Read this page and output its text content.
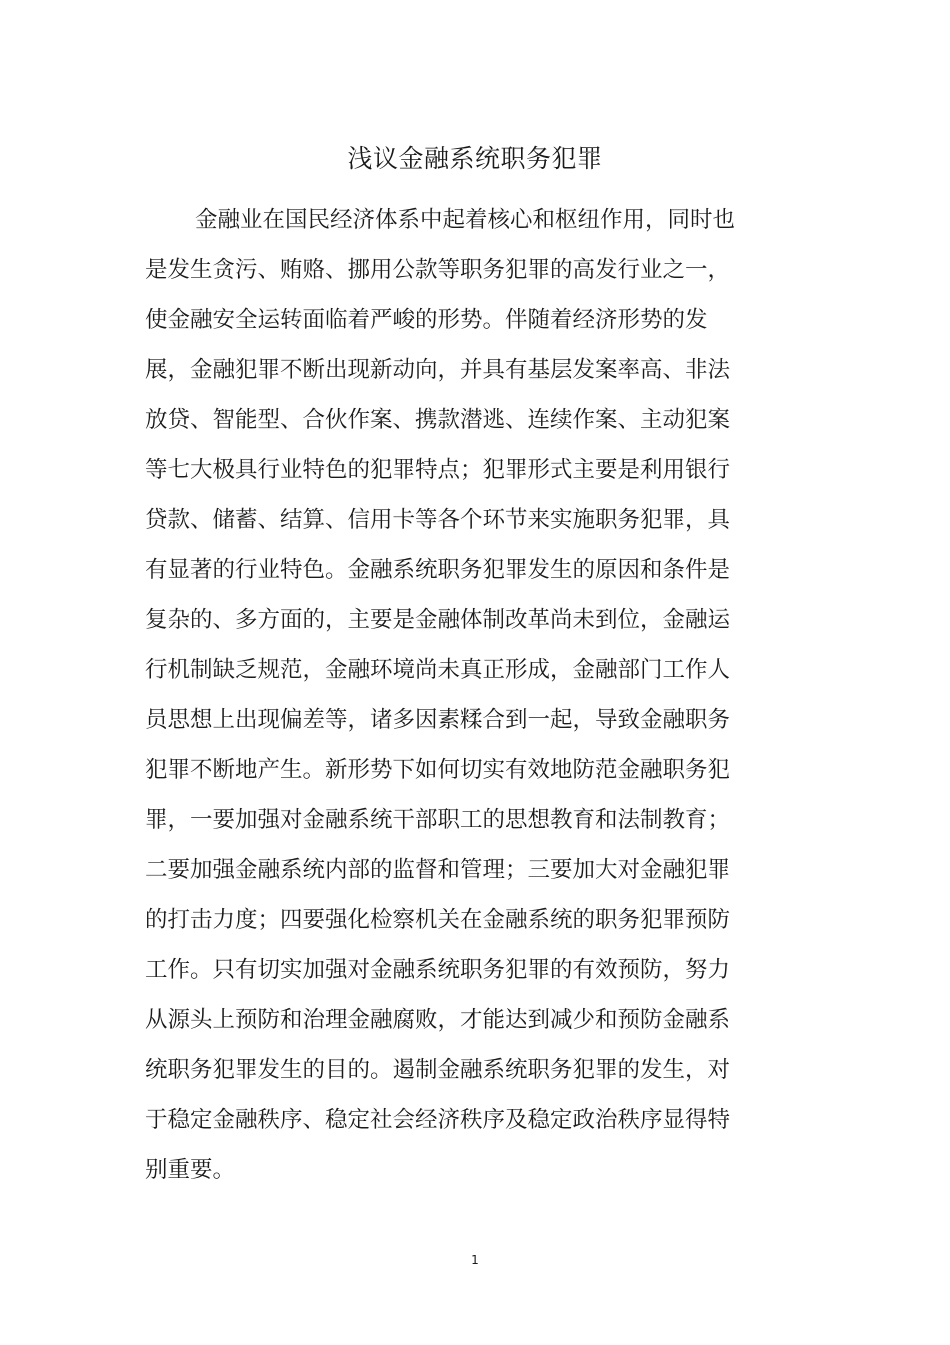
浅议金融系统职务犯罪
金融业在国民经济体系中起着核心和枢纽作用，同时也
是发生贪污、贿赂、挪用公款等职务犯罪的高发行业之一，
使金融安全运转面临着严峻的形势。伴随着经济形势的发
展，金融犯罪不断出现新动向，并具有基层发案率高、非法
放贷、智能型、合伙作案、携款潜逃、连续作案、主动犯案
等七大极具行业特色的犯罪特点；犯罪形式主要是利用银行
贷款、储蓄、结算、信用卡等各个环节来实施职务犯罪，具
有显著的行业特色。金融系统职务犯罪发生的原因和条件是
复杂的、多方面的，主要是金融体制改革尚未到位，金融运
行机制缺乏规范，金融环境尚未真正形成，金融部门工作人
员思想上出现偏差等，诸多因素糅合到一起，导致金融职务
犯罪不断地产生。新形势下如何切实有效地防范金融职务犯
罪，一要加强对金融系统干部职工的思想教育和法制教育；
二要加强金融系统内部的监督和管理；三要加大对金融犯罪
的打击力度；四要强化检察机关在金融系统的职务犯罪预防
工作。只有切实加强对金融系统职务犯罪的有效预防，努力
从源头上预防和治理金融腐败，才能达到减少和预防金融系
统职务犯罪发生的目的。遏制金融系统职务犯罪的发生，对
于稳定金融秩序、稳定社会经济秩序及稳定政治秩序显得特
别重要。
1
